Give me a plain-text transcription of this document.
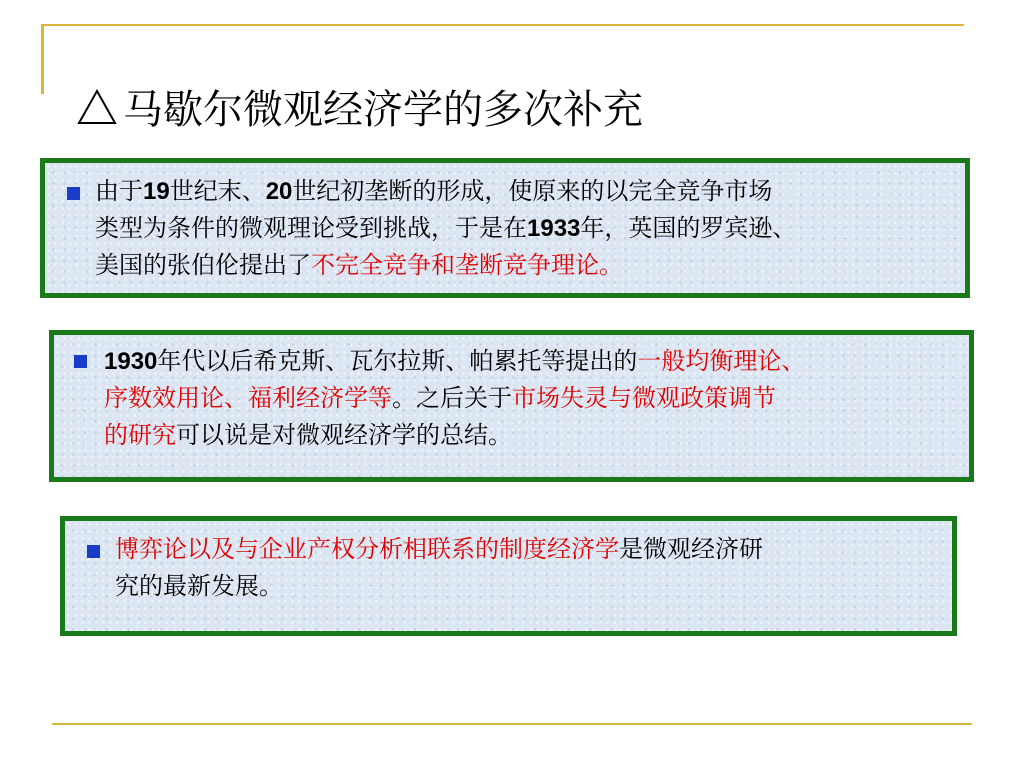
马歇尔微观经济学的多次补充
由于19世纪末、20世纪初垄断的形成，使原来的以完全竞争市场
类型为条件的微观理论受到挑战，于是在1933年，英国的罗宾逊、
美国的张伯伦提出了不完全竞争和垄断竞争理论。
1930年代以后希克斯、瓦尔拉斯、帕累托等提出的一般均衡理论、
序数效用论、福利经济学等。之后关于市场失灵与微观政策调节
的研究可以说是对微观经济学的总结。
博弈论以及与企业产权分析相联系的制度经济学是微观经济研
究的最新发展。
